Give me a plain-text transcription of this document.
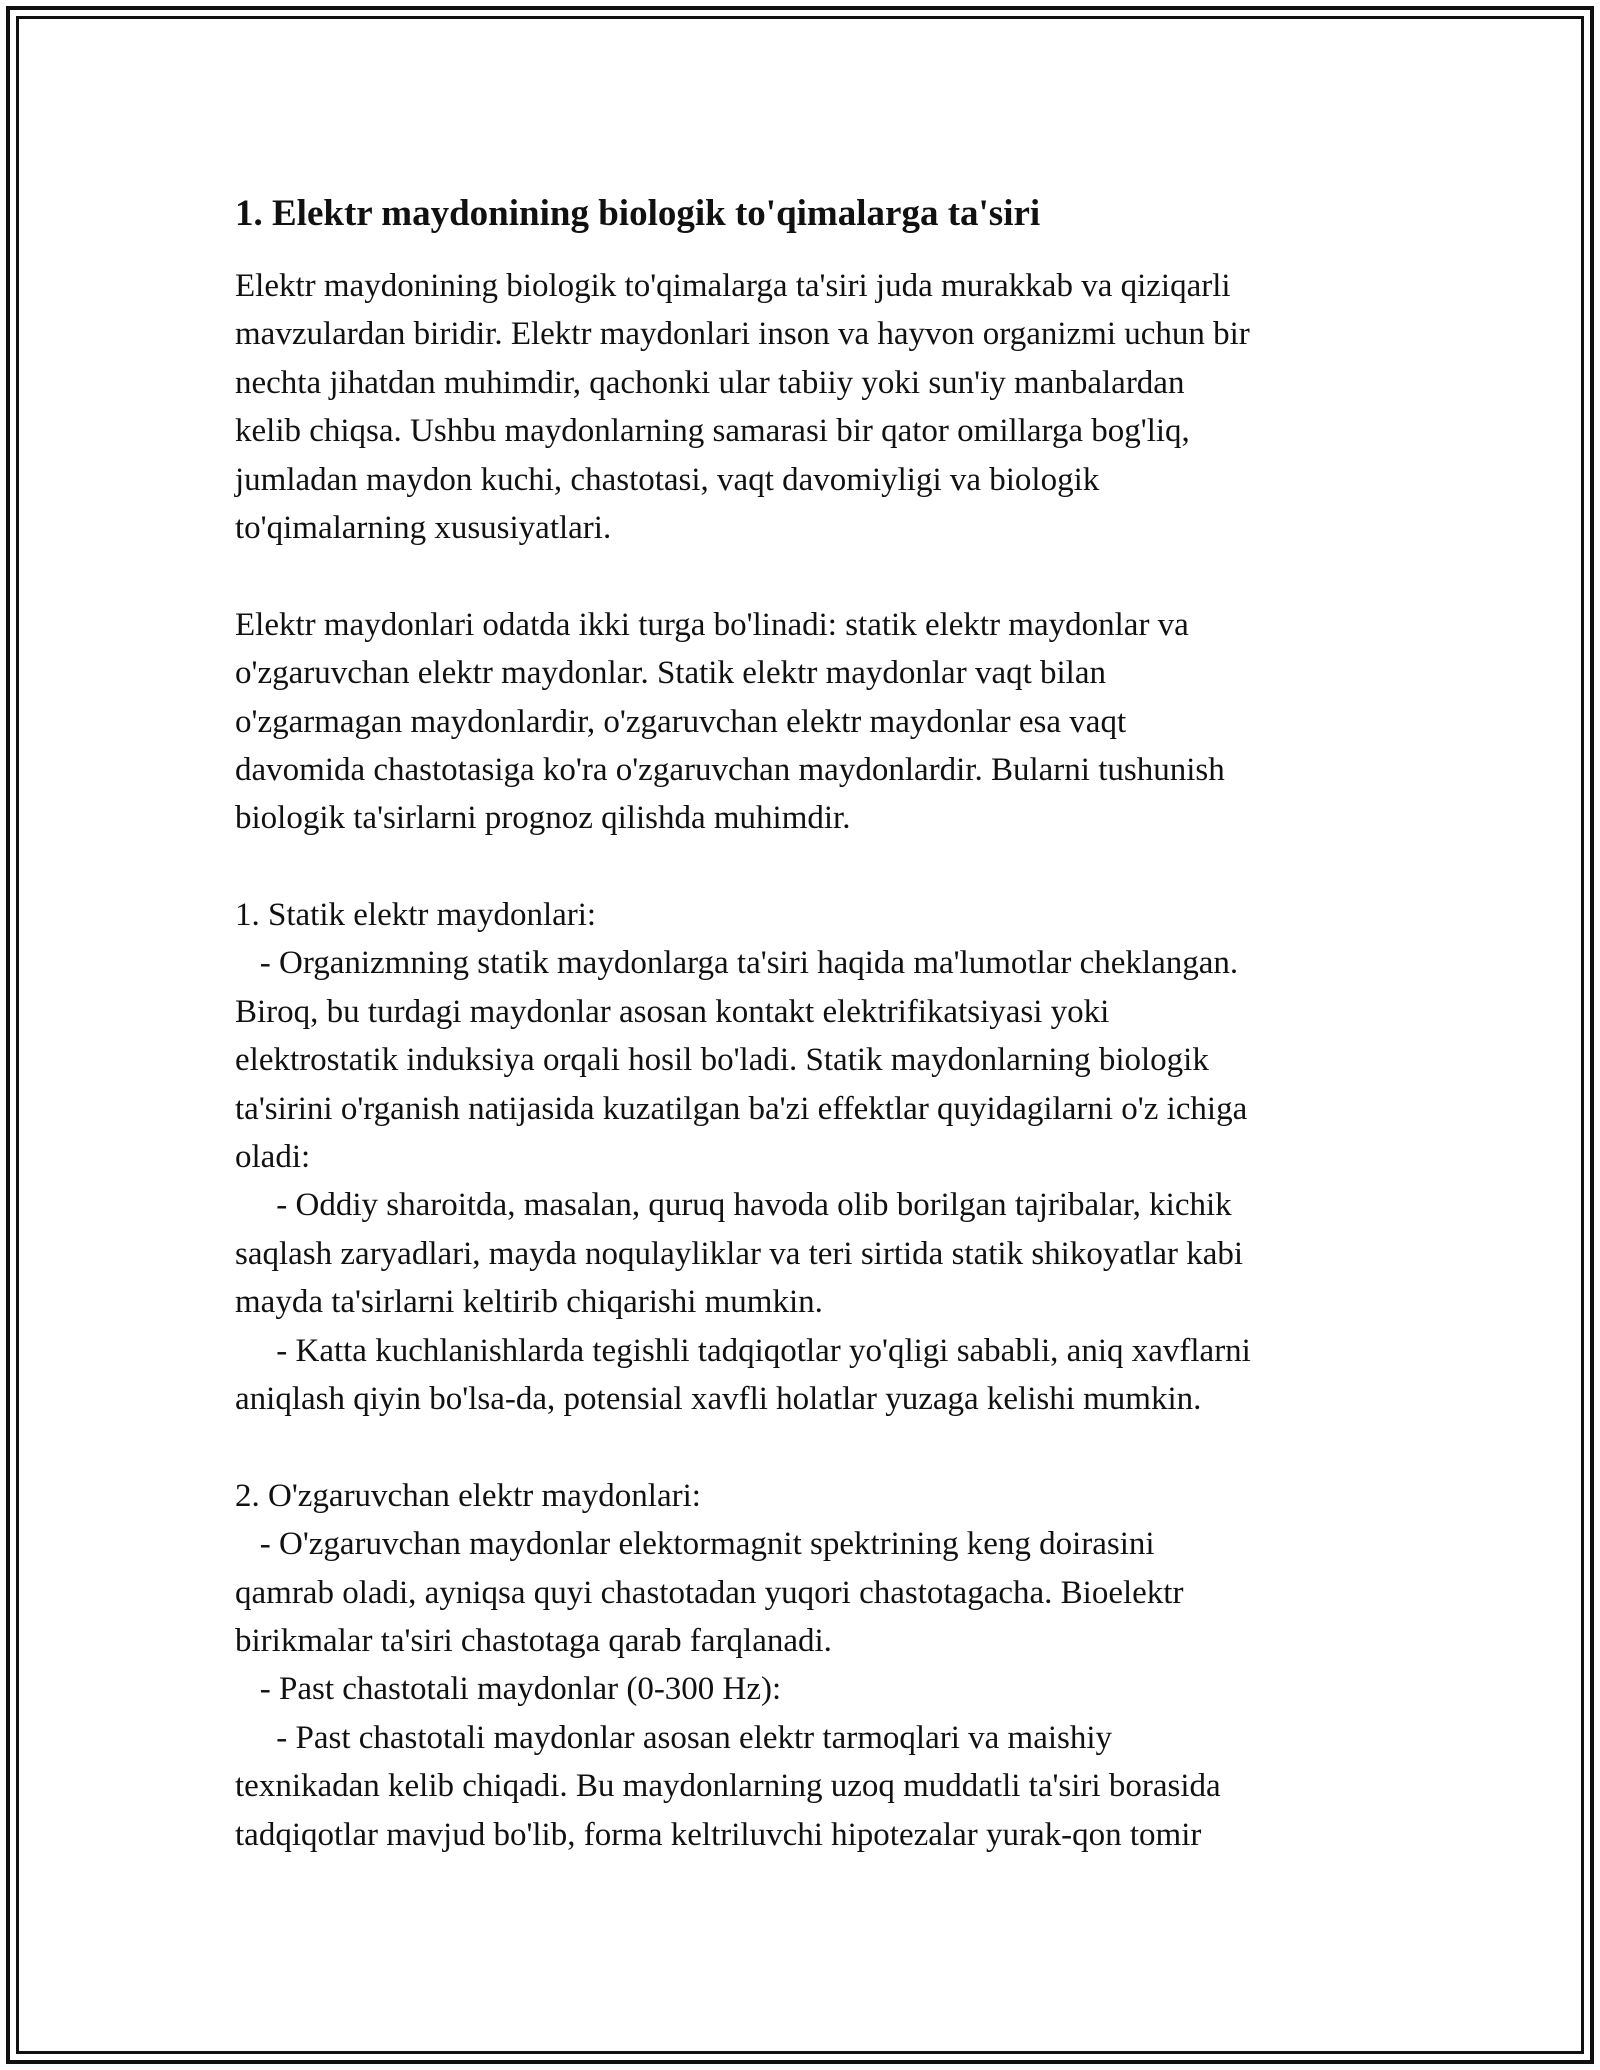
1. Elektr maydonining biologik to'qimalarga ta'siri
Elektr maydonining biologik to'qimalarga ta'siri juda murakkab va qiziqarli
mavzulardan biridir. Elektr maydonlari inson va hayvon organizmi uchun bir
nechta jihatdan muhimdir, qachonki ular tabiiy yoki sun'iy manbalardan
kelib chiqsa. Ushbu maydonlarning samarasi bir qator omillarga bog'liq,
jumladan maydon kuchi, chastotasi, vaqt davomiyligi va biologik
to'qimalarning xususiyatlari.
Elektr maydonlari odatda ikki turga bo'linadi: statik elektr maydonlar va
o'zgaruvchan elektr maydonlar. Statik elektr maydonlar vaqt bilan
o'zgarmagan maydonlardir, o'zgaruvchan elektr maydonlar esa vaqt
davomida chastotasiga ko'ra o'zgaruvchan maydonlardir. Bularni tushunish
biologik ta'sirlarni prognoz qilishda muhimdir.
1. Statik elektr maydonlari:
- Organizmning statik maydonlarga ta'siri haqida ma'lumotlar cheklangan.
Biroq, bu turdagi maydonlar asosan kontakt elektrifikatsiyasi yoki
elektrostatik induksiya orqali hosil bo'ladi. Statik maydonlarning biologik
ta'sirini o'rganish natijasida kuzatilgan ba'zi effektlar quyidagilarni o'z ichiga
oladi:
- Oddiy sharoitda, masalan, quruq havoda olib borilgan tajribalar, kichik
saqlash zaryadlari, mayda noqulayliklar va teri sirtida statik shikoyatlar kabi
mayda ta'sirlarni keltirib chiqarishi mumkin.
- Katta kuchlanishlarda tegishli tadqiqotlar yo'qligi sababli, aniq xavflarni
aniqlash qiyin bo'lsa-da, potensial xavfli holatlar yuzaga kelishi mumkin.
2. O'zgaruvchan elektr maydonlari:
- O'zgaruvchan maydonlar elektormagnit spektrining keng doirasini
qamrab oladi, ayniqsa quyi chastotadan yuqori chastotagacha. Bioelektr
birikmalar ta'siri chastotaga qarab farqlanadi.
- Past chastotali maydonlar (0-300 Hz):
- Past chastotali maydonlar asosan elektr tarmoqlari va maishiy
texnikadan kelib chiqadi. Bu maydonlarning uzoq muddatli ta'siri borasida
tadqiqotlar mavjud bo'lib, forma keltriluvchi hipotezalar yurak-qon tomir
